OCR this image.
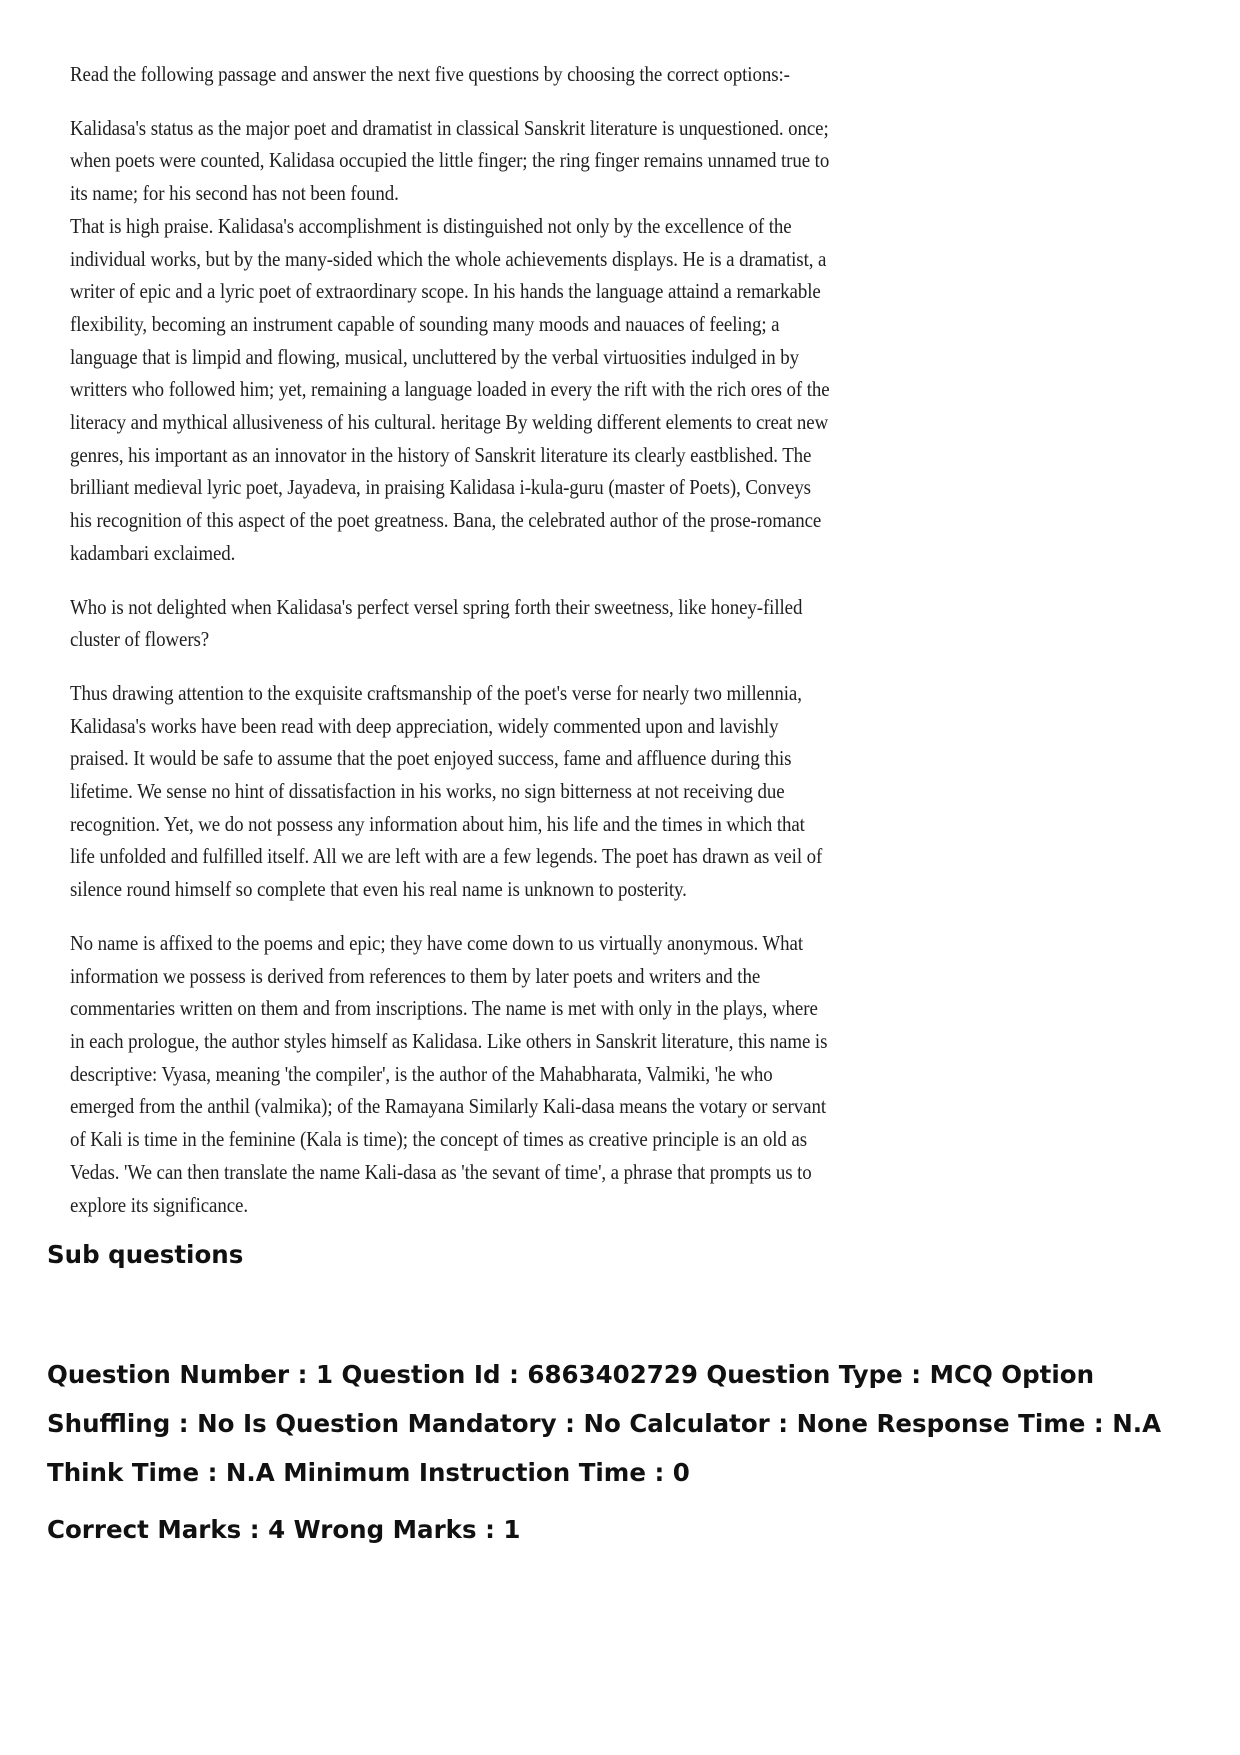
Read the following passage and answer the next five questions by choosing the correct options:-

Kalidasa's status as the major poet and dramatist in classical Sanskrit literature is unquestioned. once; when poets were counted, Kalidasa occupied the little finger; the ring finger remains unnamed true to its name; for his second has not been found.

That is high praise. Kalidasa's accomplishment is distinguished not only by the excellence of the individual works, but by the many-sided which the whole achievements displays. He is a dramatist, a writer of epic and a lyric poet of extraordinary scope. In his hands the language attaind a remarkable flexibility, becoming an instrument capable of sounding many moods and nauaces of feeling; a language that is limpid and flowing, musical, uncluttered by the verbal virtuosities indulged in by writters who followed him; yet, remaining a language loaded in every the rift with the rich ores of the literacy and mythical allusiveness of his cultural. heritage By welding different elements to creat new genres, his important as an innovator in the history of Sanskrit literature its clearly eastblished. The brilliant medieval lyric poet, Jayadeva, in praising Kalidasa i-kula-guru (master of Poets), Conveys his recognition of this aspect of the poet greatness. Bana, the celebrated author of the prose-romance kadambari exclaimed.

Who is not delighted when Kalidasa's perfect versel spring forth their sweetness, like honey-filled cluster of flowers?

Thus drawing attention to the exquisite craftsmanship of the poet's verse for nearly two millennia, Kalidasa's works have been read with deep appreciation, widely commented upon and lavishly praised. It would be safe to assume that the poet enjoyed success, fame and affluence during this lifetime. We sense no hint of dissatisfaction in his works, no sign bitterness at not receiving due recognition. Yet, we do not possess any information about him, his life and the times in which that life unfolded and fulfilled itself. All we are left with are a few legends. The poet has drawn as veil of silence round himself so complete that even his real name is unknown to posterity.

No name is affixed to the poems and epic; they have come down to us virtually anonymous. What information we possess is derived from references to them by later poets and writers and the commentaries written on them and from inscriptions. The name is met with only in the plays, where in each prologue, the author styles himself as Kalidasa. Like others in Sanskrit literature, this name is descriptive: Vyasa, meaning 'the compiler', is the author of the Mahabharata, Valmiki, 'he who emerged from the anthil (valmika); of the Ramayana Similarly Kali-dasa means the votary or servant of Kali is time in the feminine (Kala is time); the concept of times as creative principle is an old as Vedas. 'We can then translate the name Kali-dasa as 'the sevant of time', a phrase that prompts us to explore its significance.

Sub questions
Question Number : 1 Question Id : 6863402729 Question Type : MCQ Option Shuffling : No Is Question Mandatory : No Calculator : None Response Time : N.A Think Time : N.A Minimum Instruction Time : 0
Correct Marks : 4 Wrong Marks : 1
